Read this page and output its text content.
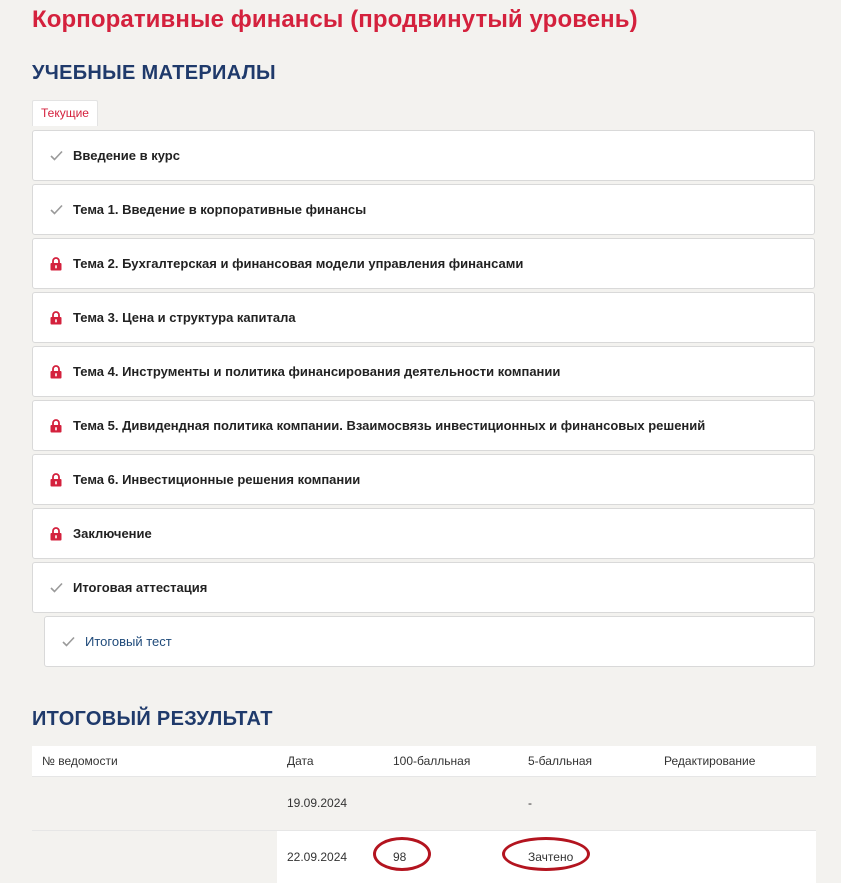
Корпоративные финансы (продвинутый уровень)
УЧЕБНЫЕ МАТЕРИАЛЫ
Текущие
Введение в курс
Тема 1. Введение в корпоративные финансы
Тема 2. Бухгалтерская и финансовая модели управления финансами
Тема 3. Цена и структура капитала
Тема 4. Инструменты и политика финансирования деятельности компании
Тема 5. Дивидендная политика компании. Взаимосвязь инвестиционных и финансовых решений
Тема 6. Инвестиционные решения компании
Заключение
Итоговая аттестация
Итоговый тест
ИТОГОВЫЙ РЕЗУЛЬТАТ
№ ведомости	Дата	100-балльная	5-балльная	Редактирование
	19.09.2024		-	
	22.09.2024	98	Зачтено
